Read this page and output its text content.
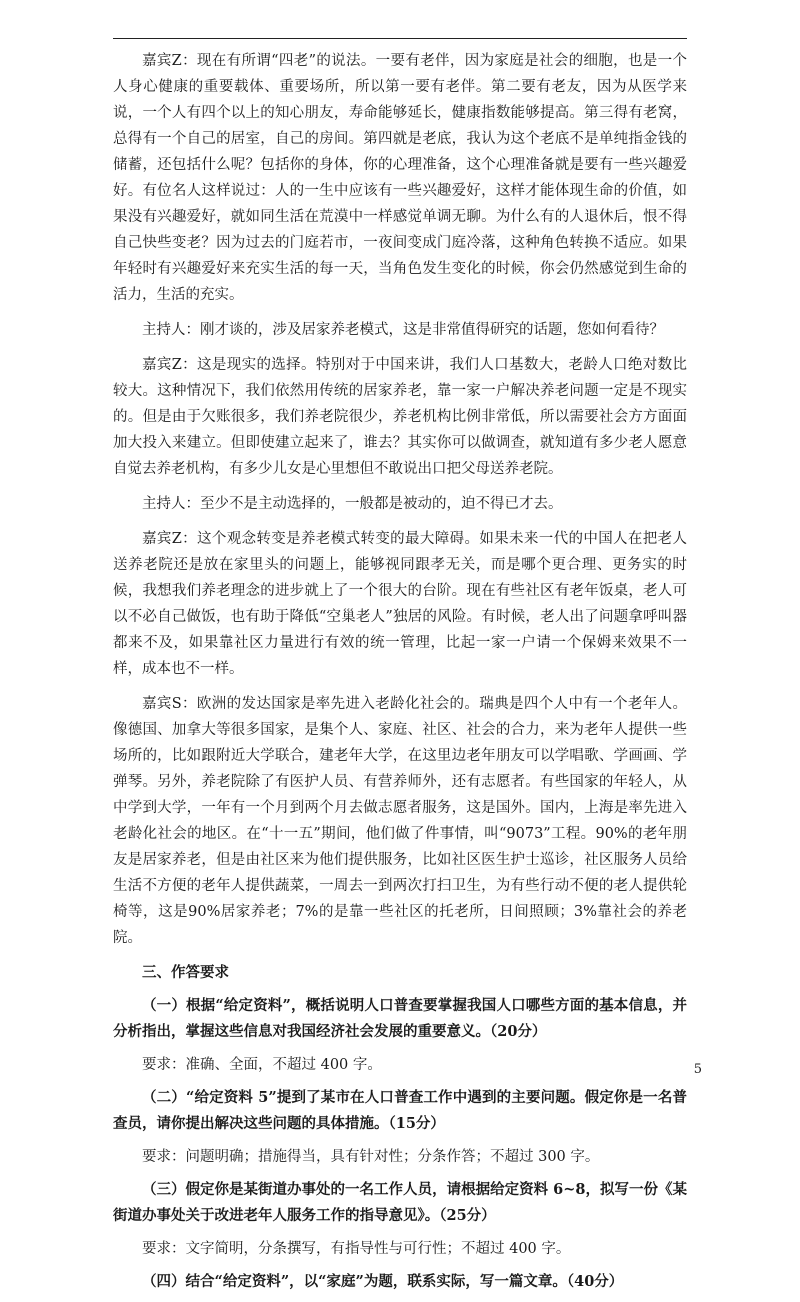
嘉宾Z：现在有所谓“四老”的说法。一要有老伴，因为家庭是社会的细胞，也是一个人身心健康的重要载体、重要场所，所以第一要有老伴。第二要有老友，因为从医学来说，一个人有四个以上的知心朋友，寿命能够延长，健康指数能够提高。第三得有老窝，总得有一个自己的居室，自己的房间。第四就是老底，我认为这个老底不是单纯指金钱的储蓄，还包括什么呢？包括你的身体，你的心理准备，这个心理准备就是要有一些兴趣爱好。有位名人这样说过：人的一生中应该有一些兴趣爱好，这样才能体现生命的价值，如果没有兴趣爱好，就如同生活在荒漠中一样感觉单调无聊。为什么有的人退休后，恨不得自己快些变老？因为过去的门庭若市，一夜间变成门庭冷落，这种角色转换不适应。如果年轻时有兴趣爱好来充实生活的每一天，当角色发生变化的时候，你会仍然感觉到生命的活力，生活的充实。

主持人：刚才谈的，涉及居家养老模式，这是非常值得研究的话题，您如何看待？

嘉宾Z：这是现实的选择。特别对于中国来讲，我们人口基数大，老龄人口绝对数比较大。这种情况下，我们依然用传统的居家养老，靠一家一户解决养老问题一定是不现实的。但是由于欠账很多，我们养老院很少，养老机构比例非常低，所以需要社会方方面面加大投入来建立。但即使建立起来了，谁去？其实你可以做调查，就知道有多少老人愿意自觉去养老机构，有多少儿女是心里想但不敢说出口把父母送养老院。

主持人：至少不是主动选择的，一般都是被动的，迫不得已才去。

嘉宾Z：这个观念转变是养老模式转变的最大障碍。如果未来一代的中国人在把老人送养老院还是放在家里头的问题上，能够视同跟孝无关，而是哪个更合理、更务实的时候，我想我们养老理念的进步就上了一个很大的台阶。现在有些社区有老年饭桌，老人可以不必自己做饭，也有助于降低“空巢老人”独居的风险。有时候，老人出了问题拿呼叫器都来不及，如果靠社区力量进行有效的统一管理，比起一家一户请一个保姆来效果不一样，成本也不一样。

嘉宾S：欧洲的发达国家是率先进入老龄化社会的。瑞典是四个人中有一个老年人。像德国、加拿大等很多国家，是集个人、家庭、社区、社会的合力，来为老年人提供一些场所的，比如跟附近大学联合，建老年大学，在这里边老年朋友可以学唱歌、学画画、学弹琴。另外，养老院除了有医护人员、有营养师外，还有志愿者。有些国家的年轻人，从中学到大学，一年有一个月到两个月去做志愿者服务，这是国外。国内，上海是率先进入老龄化社会的地区。在“十一五”期间，他们做了件事情，叫“9073”工程。90%的老年朋友是居家养老，但是由社区来为他们提供服务，比如社区医生护士巡诊，社区服务人员给生活不方便的老年人提供蔬菜，一周去一到两次打扫卫生，为有些行动不便的老人提供轮椅等，这是90%居家养老；7%的是靠一些社区的托老所，日间照顾；3%靠社会的养老院。

三、作答要求

（一）根据“给定资料”，概括说明人口普查要掌握我国人口哪些方面的基本信息，并分析指出，掌握这些信息对我国经济社会发展的重要意义。（20分）

要求：准确、全面，不超过 400 字。

（二）“给定资料 5”提到了某市在人口普查工作中遇到的主要问题。假定你是一名普查员，请你提出解决这些问题的具体措施。（15分）

要求：问题明确；措施得当，具有针对性；分条作答；不超过 300 字。

（三）假定你是某街道办事处的一名工作人员，请根据给定资料 6~8，拟写一份《某街道办事处关于改进老年人服务工作的指导意见》。（25分）

要求：文字简明，分条撰写，有指导性与可行性；不超过 400 字。

（四）结合“给定资料”，以“家庭”为题，联系实际，写一篇文章。（40分）

5
